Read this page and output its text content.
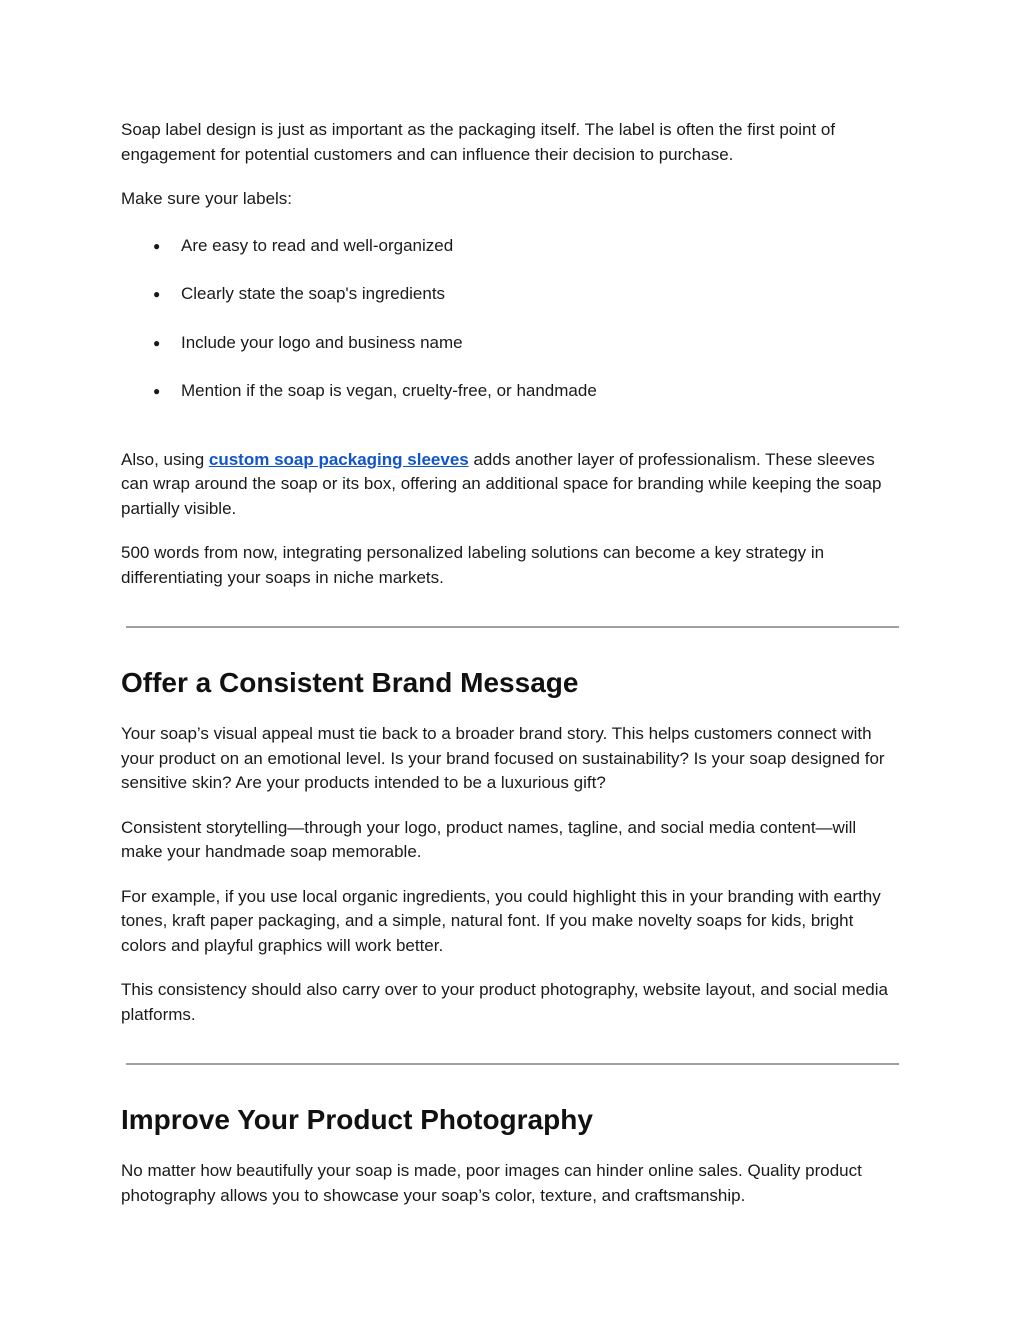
Soap label design is just as important as the packaging itself. The label is often the first point of engagement for potential customers and can influence their decision to purchase.

Make sure your labels:

● Are easy to read and well-organized
● Clearly state the soap's ingredients
● Include your logo and business name
● Mention if the soap is vegan, cruelty-free, or handmade

Also, using custom soap packaging sleeves adds another layer of professionalism. These sleeves can wrap around the soap or its box, offering an additional space for branding while keeping the soap partially visible.

500 words from now, integrating personalized labeling solutions can become a key strategy in differentiating your soaps in niche markets.

Offer a Consistent Brand Message

Your soap’s visual appeal must tie back to a broader brand story. This helps customers connect with your product on an emotional level. Is your brand focused on sustainability? Is your soap designed for sensitive skin? Are your products intended to be a luxurious gift?

Consistent storytelling—through your logo, product names, tagline, and social media content—will make your handmade soap memorable.

For example, if you use local organic ingredients, you could highlight this in your branding with earthy tones, kraft paper packaging, and a simple, natural font. If you make novelty soaps for kids, bright colors and playful graphics will work better.

This consistency should also carry over to your product photography, website layout, and social media platforms.

Improve Your Product Photography

No matter how beautifully your soap is made, poor images can hinder online sales. Quality product photography allows you to showcase your soap’s color, texture, and craftsmanship.
